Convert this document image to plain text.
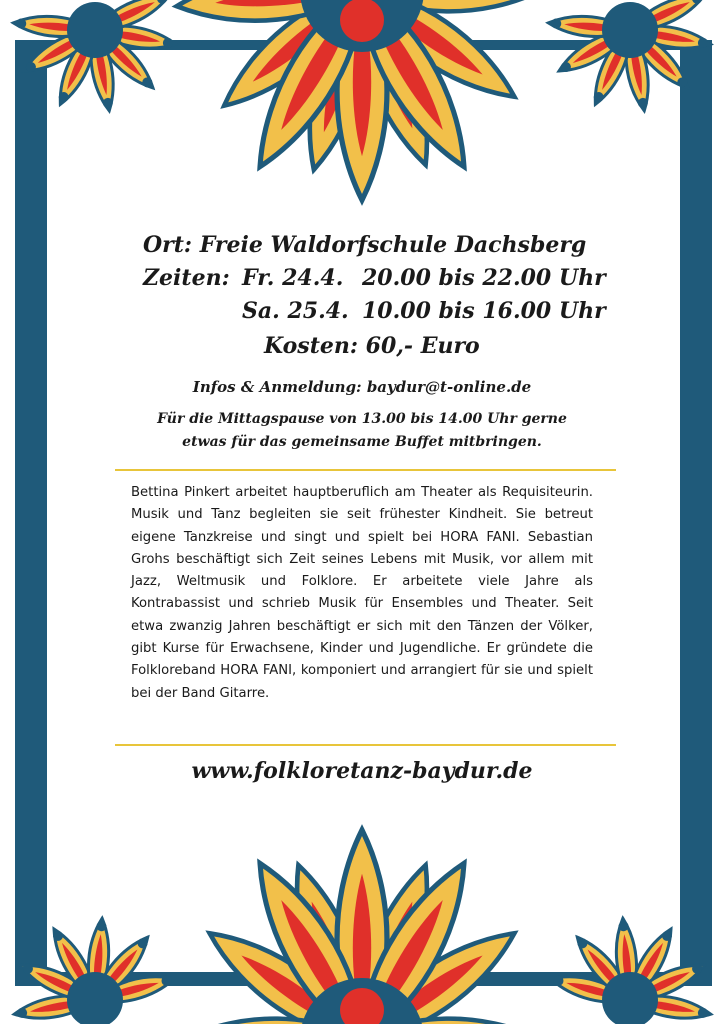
Ort: Freie Waldorfschule Dachsberg
Zeiten: Fr. 24.4. 20.00 bis 22.00 Uhr
Sa. 25.4. 10.00 bis 16.00 Uhr
Kosten: 60,- Euro
Infos & Anmeldung: baydur@t-online.de
Für die Mittagspause von 13.00 bis 14.00 Uhr gerne
etwas für das gemeinsame Buffet mitbringen.
Bettina Pinkert arbeitet hauptberuflich am Theater als Requisiteurin. Musik und Tanz begleiten sie seit frühester Kindheit. Sie betreut eigene Tanzkreise und singt und spielt bei HORA FANI. Sebastian Grohs beschäftigt sich Zeit seines Lebens mit Musik, vor allem mit Jazz, Weltmusik und Folklore. Er arbeitete viele Jahre als Kontrabassist und schrieb Musik für Ensembles und Theater. Seit etwa zwanzig Jahren beschäftigt er sich mit den Tänzen der Völker, gibt Kurse für Erwachsene, Kinder und Jugendliche. Er gründete die Folkloreband HORA FANI, komponiert und arrangiert für sie und spielt bei der Band Gitarre.
www.folkloretanz-baydur.de
